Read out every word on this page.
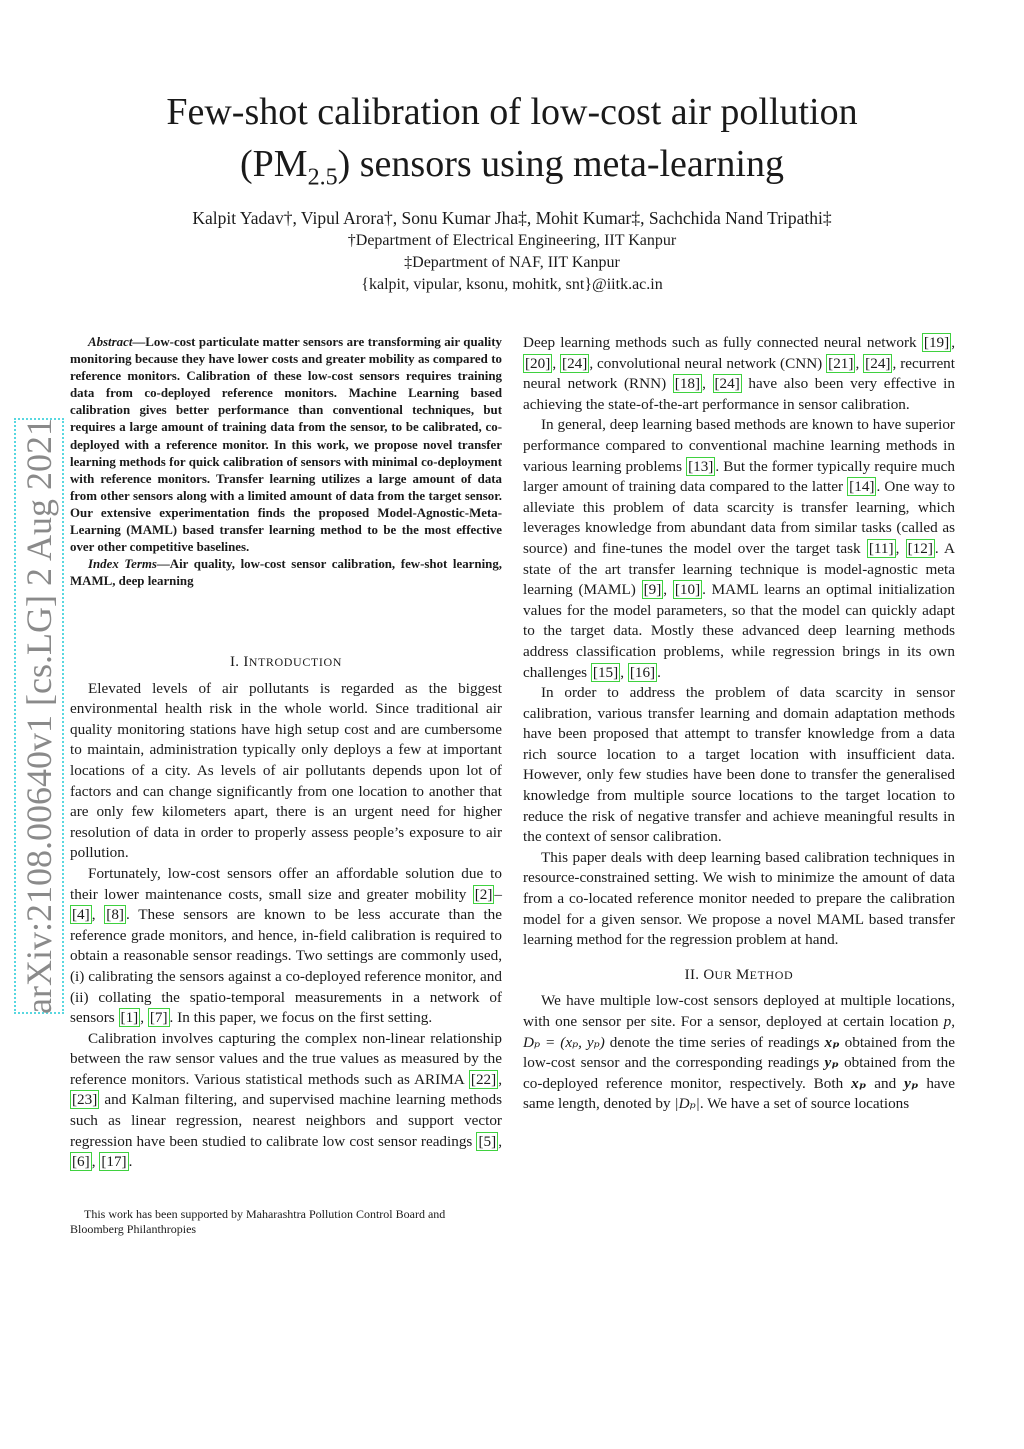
Few-shot calibration of low-cost air pollution
$(PM_{2.5})$ sensors using meta-learning
Kalpit Yadav†, Vipul Arora†, Sonu Kumar Jha‡, Mohit Kumar‡, Sachchida Nand Tripathi‡
†Department of Electrical Engineering, IIT Kanpur
‡Department of NAF, IIT Kanpur
{kalpit, vipular, ksonu, mohitk, snt}@iitk.ac.in
arXiv:2108.00640v1 [cs.LG] 2 Aug 2021

Abstract—Low-cost particulate matter sensors are transforming air quality monitoring because they have lower costs and greater mobility as compared to reference monitors. Calibration of these low-cost sensors requires training data from co-deployed reference monitors. Machine Learning based calibration gives better performance than conventional techniques, but requires a large amount of training data from the sensor, to be calibrated, co-deployed with a reference monitor. In this work, we propose novel transfer learning methods for quick calibration of sensors with minimal co-deployment with reference monitors. Transfer learning utilizes a large amount of data from other sensors along with a limited amount of data from the target sensor. Our extensive experimentation finds the proposed Model-Agnostic-Meta-Learning (MAML) based transfer learning method to be the most effective over other competitive baselines.

Index Terms—Air quality, low-cost sensor calibration, few-shot learning, MAML, deep learning

I. INTRODUCTION

Elevated levels of air pollutants is regarded as the biggest environmental health risk in the whole world. Since traditional air quality monitoring stations have high setup cost and are cumbersome to maintain, administration typically only deploys a few at important locations of a city. As levels of air pollutants depends upon lot of factors and can change significantly from one location to another that are only few kilometers apart, there is an urgent need for higher resolution of data in order to properly assess people’s exposure to air pollution.

Fortunately, low-cost sensors offer an affordable solution due to their lower maintenance costs, small size and greater mobility [2] –[4] , [8] . These sensors are known to be less accurate than the reference grade monitors, and hence, in-field calibration is required to obtain a reasonable sensor readings. Two settings are commonly used, (i) calibrating the sensors against a co-deployed reference monitor, and (ii) collating the spatio-temporal measurements in a network of sensors [1] , [7] . In this paper, we focus on the first setting.

Calibration involves capturing the complex non-linear relationship between the raw sensor values and the true values as measured by the reference monitors. Various statistical methods such as ARIMA [22] , [23] and Kalman filtering, and supervised machine learning methods such as linear regression, nearest neighbors and support vector regression have been studied to calibrate low cost sensor readings [5] , [6] , [17] .

This work has been supported by Maharashtra Pollution Control Board and Bloomberg Philanthropies

Deep learning methods such as fully connected neural network [19] , [20] , [24] , convolutional neural network (CNN) [21] , [24] , recurrent neural network (RNN) [18] , [24] have also been very effective in achieving the state-of-the-art performance in sensor calibration.

In general, deep learning based methods are known to have superior performance compared to conventional machine learning methods in various learning problems [13] . But the former typically require much larger amount of training data compared to the latter [14] . One way to alleviate this problem of data scarcity is transfer learning, which leverages knowledge from abundant data from similar tasks (called as source) and fine-tunes the model over the target task [11] , [12] . A state of the art transfer learning technique is model-agnostic meta learning (MAML) [9] , [10] . MAML learns an optimal initialization values for the model parameters, so that the model can quickly adapt to the target data. Mostly these advanced deep learning methods address classification problems, while regression brings in its own challenges [15] , [16] .

In order to address the problem of data scarcity in sensor calibration, various transfer learning and domain adaptation methods have been proposed that attempt to transfer knowledge from a data rich source location to a target location with insufficient data. However, only few studies have been done to transfer the generalised knowledge from multiple source locations to the target location to reduce the risk of negative transfer and achieve meaningful results in the context of sensor calibration.

This paper deals with deep learning based calibration techniques in resource-constrained setting. We wish to minimize the amount of data from a co-located reference monitor needed to prepare the calibration model for a given sensor. We propose a novel MAML based transfer learning method for the regression problem at hand.

II. OUR METHOD

We have multiple low-cost sensors deployed at multiple locations, with one sensor per site. For a sensor, deployed at certain location p, Dₚ = (xₚ, yₚ) denote the time series of readings xₚ obtained from the low-cost sensor and the corresponding readings yₚ obtained from the co-deployed reference monitor, respectively. Both xₚ and yₚ have same length, denoted by |Dₚ|. We have a set of source locations
